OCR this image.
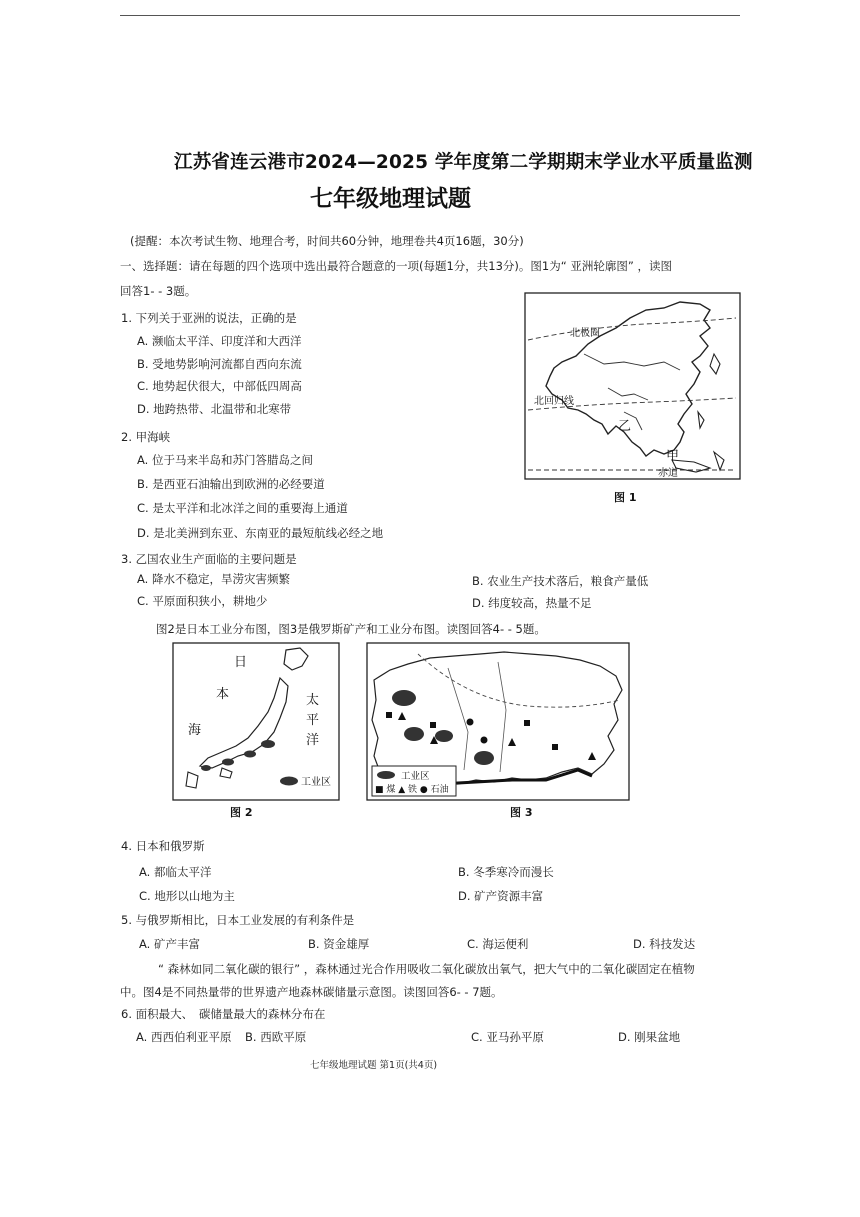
江苏省连云港市2024—2025 学年度第二学期期末学业水平质量监测
七年级地理试题
(提醒：本次考试生物、地理合考，时间共60分钟，地理卷共4页16题，30分)
一、选择题：请在每题的四个选项中选出最符合题意的一项(每题1分，共13分)。图1为“ 亚洲轮廓图” ，读图
回答1- - 3题。
1. 下列关于亚洲的说法，正确的是
A. 濒临太平洋、印度洋和大西洋
B. 受地势影响河流都自西向东流
C. 地势起伏很大，中部低四周高
D. 地跨热带、北温带和北寒带
2. 甲海峡
A. 位于马来半岛和苏门答腊岛之间
B. 是西亚石油输出到欧洲的必经要道
C. 是太平洋和北冰洋之间的重要海上通道
D. 是北美洲到东亚、东南亚的最短航线必经之地
3. 乙国农业生产面临的主要问题是
A. 降水不稳定，旱涝灾害频繁	B. 农业生产技术落后，粮食产量低
C. 平原面积狭小，耕地少	D. 纬度较高，热量不足
图2是日本工业分布图，图3是俄罗斯矿产和工业分布图。读图回答4- - 5题。
北极圈
北回归线
乙
甲
赤道
图 1
日
本
海
太
平
洋
工业区
图 2
工业区
■ 煤 ▲ 铁 ● 石油
图 3
4. 日本和俄罗斯
A. 都临太平洋	B. 冬季寒冷而漫长
C. 地形以山地为主	D. 矿产资源丰富
5. 与俄罗斯相比，日本工业发展的有利条件是
A. 矿产丰富	B. 资金雄厚	C. 海运便利	D. 科技发达
“ 森林如同二氧化碳的银行” ，森林通过光合作用吸收二氧化碳放出氧气，把大气中的二氧化碳固定在植物
中。图4是不同热量带的世界遗产地森林碳储量示意图。读图回答6- - 7题。
6. 面积最大、　碳储量最大的森林分布在
A. 西西伯利亚平原 B. 西欧平原	C. 亚马孙平原	D. 刚果盆地
七年级地理试题 第1页(共4页)
